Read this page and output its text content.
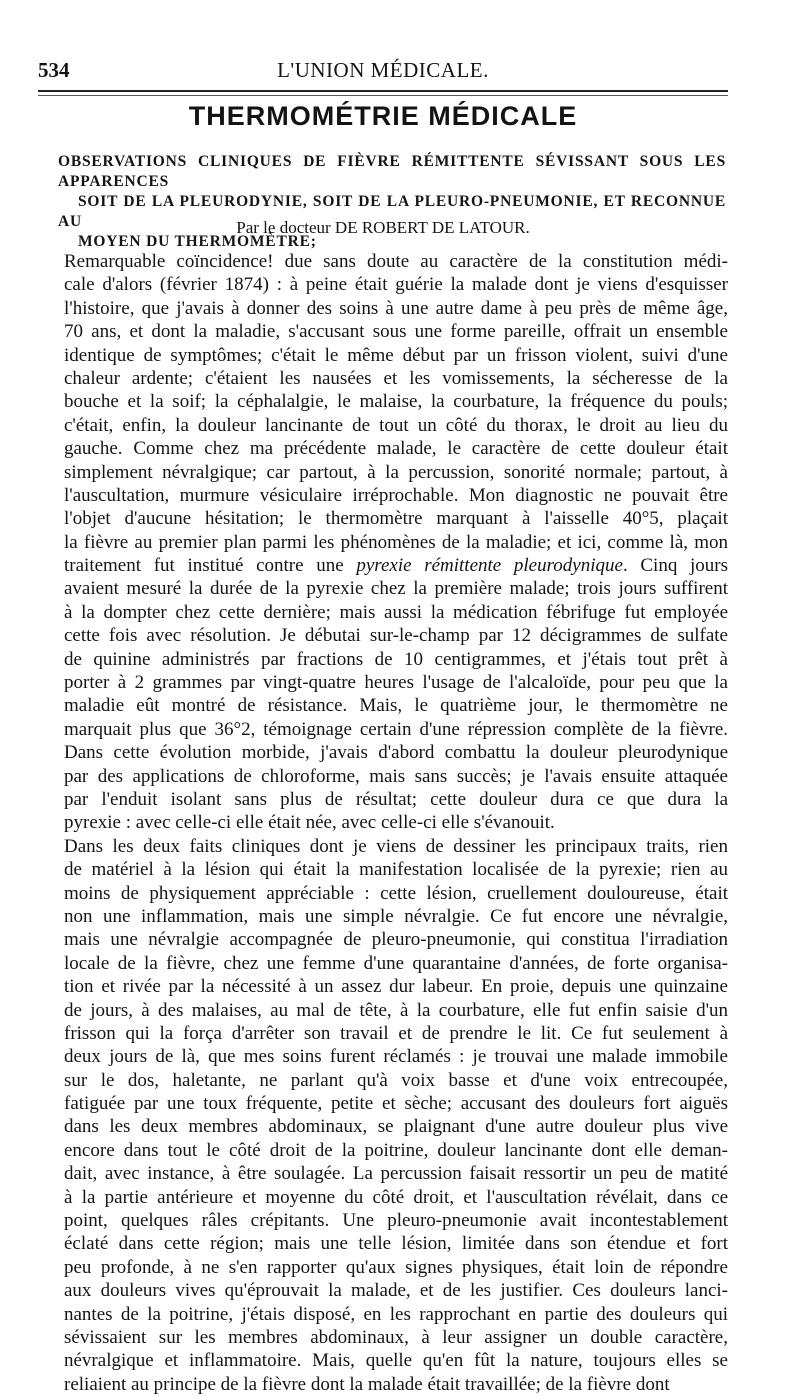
534	L'UNION MÉDICALE.
THERMOMÉTRIE MÉDICALE
OBSERVATIONS CLINIQUES DE FIÈVRE RÉMITTENTE SÉVISSANT SOUS LES APPARENCES
SOIT DE LA PLEURODYNIE, SOIT DE LA PLEURO-PNEUMONIE, ET RECONNUE AU
MOYEN DU THERMOMÈTRE;
Par le docteur DE ROBERT DE LATOUR.
Remarquable coïncidence! due sans doute au caractère de la constitution médi-
cale d'alors (février 1874) : à peine était guérie la malade dont je viens d'esquisser
l'histoire, que j'avais à donner des soins à une autre dame à peu près de même âge,
70 ans, et dont la maladie, s'accusant sous une forme pareille, offrait un ensemble
identique de symptômes; c'était le même début par un frisson violent, suivi d'une
chaleur ardente; c'étaient les nausées et les vomissements, la sécheresse de la
bouche et la soif; la céphalalgie, le malaise, la courbature, la fréquence du pouls;
c'était, enfin, la douleur lancinante de tout un côté du thorax, le droit au lieu du
gauche. Comme chez ma précédente malade, le caractère de cette douleur était
simplement névralgique; car partout, à la percussion, sonorité normale; partout, à
l'auscultation, murmure vésiculaire irréprochable. Mon diagnostic ne pouvait être
l'objet d'aucune hésitation; le thermomètre marquant à l'aisselle 40°5, plaçait
la fièvre au premier plan parmi les phénomènes de la maladie; et ici, comme là, mon
traitement fut institué contre une pyrexie rémittente pleurodynique. Cinq jours
avaient mesuré la durée de la pyrexie chez la première malade; trois jours suffirent
à la dompter chez cette dernière; mais aussi la médication fébrifuge fut employée
cette fois avec résolution. Je débutai sur-le-champ par 12 décigrammes de sulfate
de quinine administrés par fractions de 10 centigrammes, et j'étais tout prêt à
porter à 2 grammes par vingt-quatre heures l'usage de l'alcaloïde, pour peu que la
maladie eût montré de résistance. Mais, le quatrième jour, le thermomètre ne
marquait plus que 36°2, témoignage certain d'une répression complète de la fièvre.
Dans cette évolution morbide, j'avais d'abord combattu la douleur pleurodynique
par des applications de chloroforme, mais sans succès; je l'avais ensuite attaquée
par l'enduit isolant sans plus de résultat; cette douleur dura ce que dura la
pyrexie : avec celle-ci elle était née, avec celle-ci elle s'évanouit.
Dans les deux faits cliniques dont je viens de dessiner les principaux traits, rien
de matériel à la lésion qui était la manifestation localisée de la pyrexie; rien au
moins de physiquement appréciable : cette lésion, cruellement douloureuse, était
non une inflammation, mais une simple névralgie. Ce fut encore une névralgie,
mais une névralgie accompagnée de pleuro-pneumonie, qui constitua l'irradiation
locale de la fièvre, chez une femme d'une quarantaine d'années, de forte organisa-
tion et rivée par la nécessité à un assez dur labeur. En proie, depuis une quinzaine
de jours, à des malaises, au mal de tête, à la courbature, elle fut enfin saisie d'un
frisson qui la força d'arrêter son travail et de prendre le lit. Ce fut seulement à
deux jours de là, que mes soins furent réclamés : je trouvai une malade immobile
sur le dos, haletante, ne parlant qu'à voix basse et d'une voix entrecoupée,
fatiguée par une toux fréquente, petite et sèche; accusant des douleurs fort aiguës
dans les deux membres abdominaux, se plaignant d'une autre douleur plus vive
encore dans tout le côté droit de la poitrine, douleur lancinante dont elle deman-
dait, avec instance, à être soulagée. La percussion faisait ressortir un peu de matité
à la partie antérieure et moyenne du côté droit, et l'auscultation révélait, dans ce
point, quelques râles crépitants. Une pleuro-pneumonie avait incontestablement
éclaté dans cette région; mais une telle lésion, limitée dans son étendue et fort
peu profonde, à ne s'en rapporter qu'aux signes physiques, était loin de répondre
aux douleurs vives qu'éprouvait la malade, et de les justifier. Ces douleurs lanci-
nantes de la poitrine, j'étais disposé, en les rapprochant en partie des douleurs qui
sévissaient sur les membres abdominaux, à leur assigner un double caractère,
névralgique et inflammatoire. Mais, quelle qu'en fût la nature, toujours elles se
reliaient au principe de la fièvre dont la malade était travaillée; de la fièvre dont
